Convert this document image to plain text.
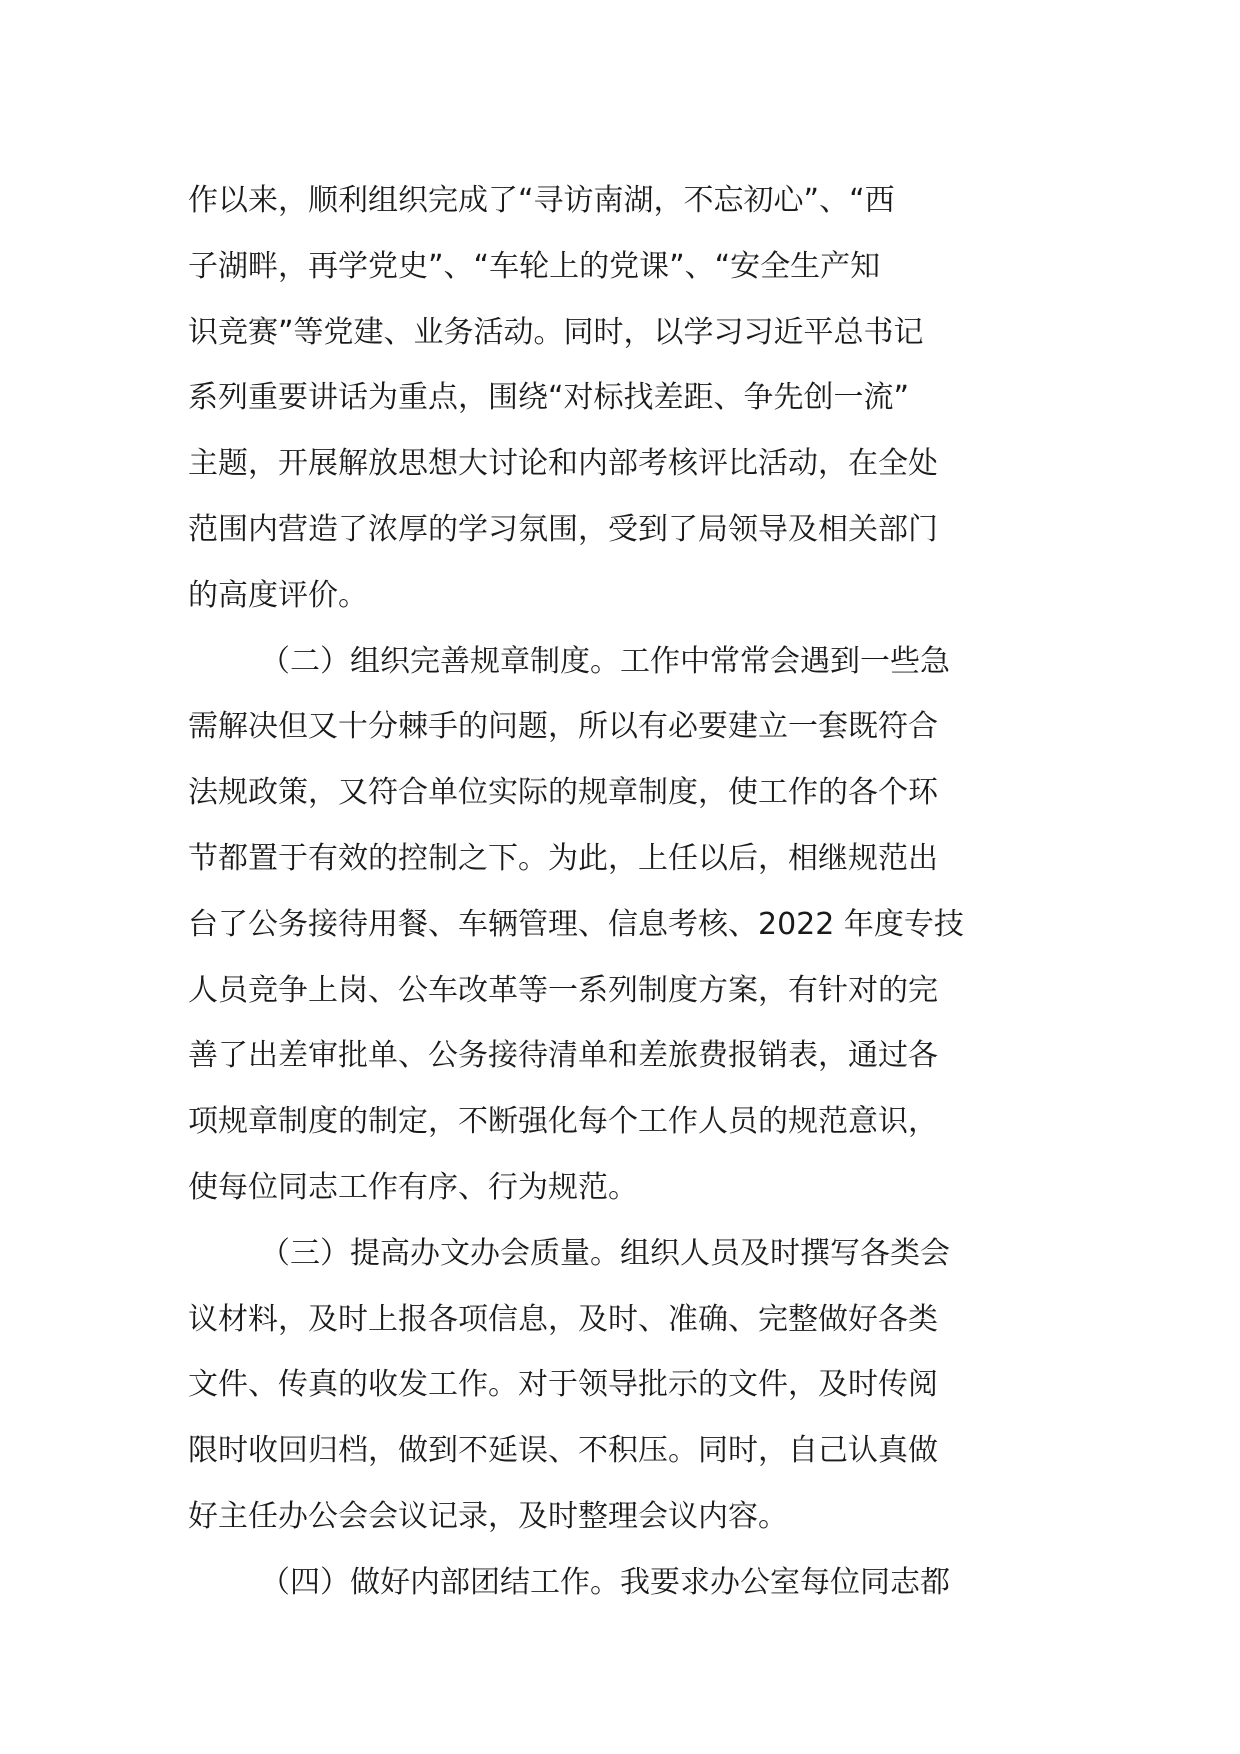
作以来，顺利组织完成了“寻访南湖，不忘初心”、“西
子湖畔，再学党史”、“车轮上的党课”、“安全生产知
识竞赛”等党建、业务活动。同时，以学习习近平总书记
系列重要讲话为重点，围绕“对标找差距、争先创一流”
主题，开展解放思想大讨论和内部考核评比活动，在全处
范围内营造了浓厚的学习氛围，受到了局领导及相关部门
的高度评价。
（二）组织完善规章制度。工作中常常会遇到一些急
需解决但又十分棘手的问题，所以有必要建立一套既符合
法规政策，又符合单位实际的规章制度，使工作的各个环
节都置于有效的控制之下。为此，上任以后，相继规范出
台了公务接待用餐、车辆管理、信息考核、2022 年度专技
人员竞争上岗、公车改革等一系列制度方案，有针对的完
善了出差审批单、公务接待清单和差旅费报销表，通过各
项规章制度的制定，不断强化每个工作人员的规范意识，
使每位同志工作有序、行为规范。
（三）提高办文办会质量。组织人员及时撰写各类会
议材料，及时上报各项信息，及时、准确、完整做好各类
文件、传真的收发工作。对于领导批示的文件，及时传阅
限时收回归档，做到不延误、不积压。同时，自己认真做
好主任办公会会议记录，及时整理会议内容。
（四）做好内部团结工作。我要求办公室每位同志都
